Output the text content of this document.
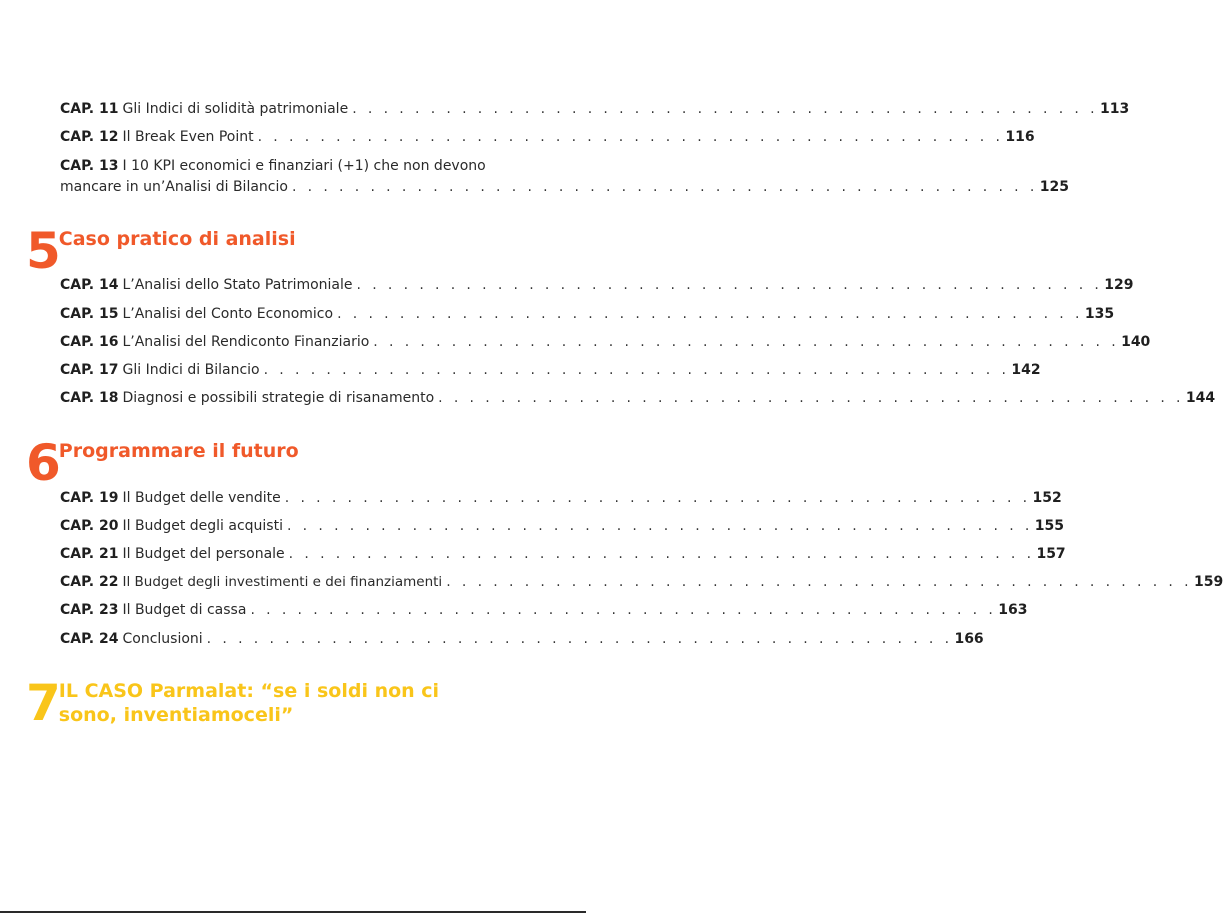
CAP. 11 Gli Indici di solidità patrimoniale . . . . . . . . . . . . . . . . . . . . . . . . . . . . . . . . . . . . . . . . . . . . . . . . 113
CAP. 12 Il Break Even Point . . . . . . . . . . . . . . . . . . . . . . . . . . . . . . . . . . . . . . . . . . . . . . . . 116
CAP. 13 I 10 KPI economici e finanziari (+1) che non devono
mancare in un’Analisi di Bilancio . . . . . . . . . . . . . . . . . . . . . . . . . . . . . . . . . . . . . . . . . . . . . . . . 125
5 Caso pratico di analisi
CAP. 14 L’Analisi dello Stato Patrimoniale . . . . . . . . . . . . . . . . . . . . . . . . . . . . . . . . . . . . . . . . . . . . . . . . 129
CAP. 15 L’Analisi del Conto Economico . . . . . . . . . . . . . . . . . . . . . . . . . . . . . . . . . . . . . . . . . . . . . . . . 135
CAP. 16 L’Analisi del Rendiconto Finanziario . . . . . . . . . . . . . . . . . . . . . . . . . . . . . . . . . . . . . . . . . . . . . . . . 140
CAP. 17 Gli Indici di Bilancio . . . . . . . . . . . . . . . . . . . . . . . . . . . . . . . . . . . . . . . . . . . . . . . . 142
CAP. 18 Diagnosi e possibili strategie di risanamento . . . . . . . . . . . . . . . . . . . . . . . . . . . . . . . . . . . . . . . . . . . . . . . . 144
6 Programmare il futuro
CAP. 19 Il Budget delle vendite . . . . . . . . . . . . . . . . . . . . . . . . . . . . . . . . . . . . . . . . . . . . . . . . 152
CAP. 20 Il Budget degli acquisti . . . . . . . . . . . . . . . . . . . . . . . . . . . . . . . . . . . . . . . . . . . . . . . . 155
CAP. 21 Il Budget del personale . . . . . . . . . . . . . . . . . . . . . . . . . . . . . . . . . . . . . . . . . . . . . . . . 157
CAP. 22 Il Budget degli investimenti e dei finanziamenti . . . . . . . . . . . . . . . . . . . . . . . . . . . . . . . . . . . . . . . . . . . . . . . . 159
CAP. 23 Il Budget di cassa . . . . . . . . . . . . . . . . . . . . . . . . . . . . . . . . . . . . . . . . . . . . . . . . 163
CAP. 24 Conclusioni . . . . . . . . . . . . . . . . . . . . . . . . . . . . . . . . . . . . . . . . . . . . . . . . 166
7 IL CASO Parmalat: “se i soldi non ci
sono, inventiamoceli”
